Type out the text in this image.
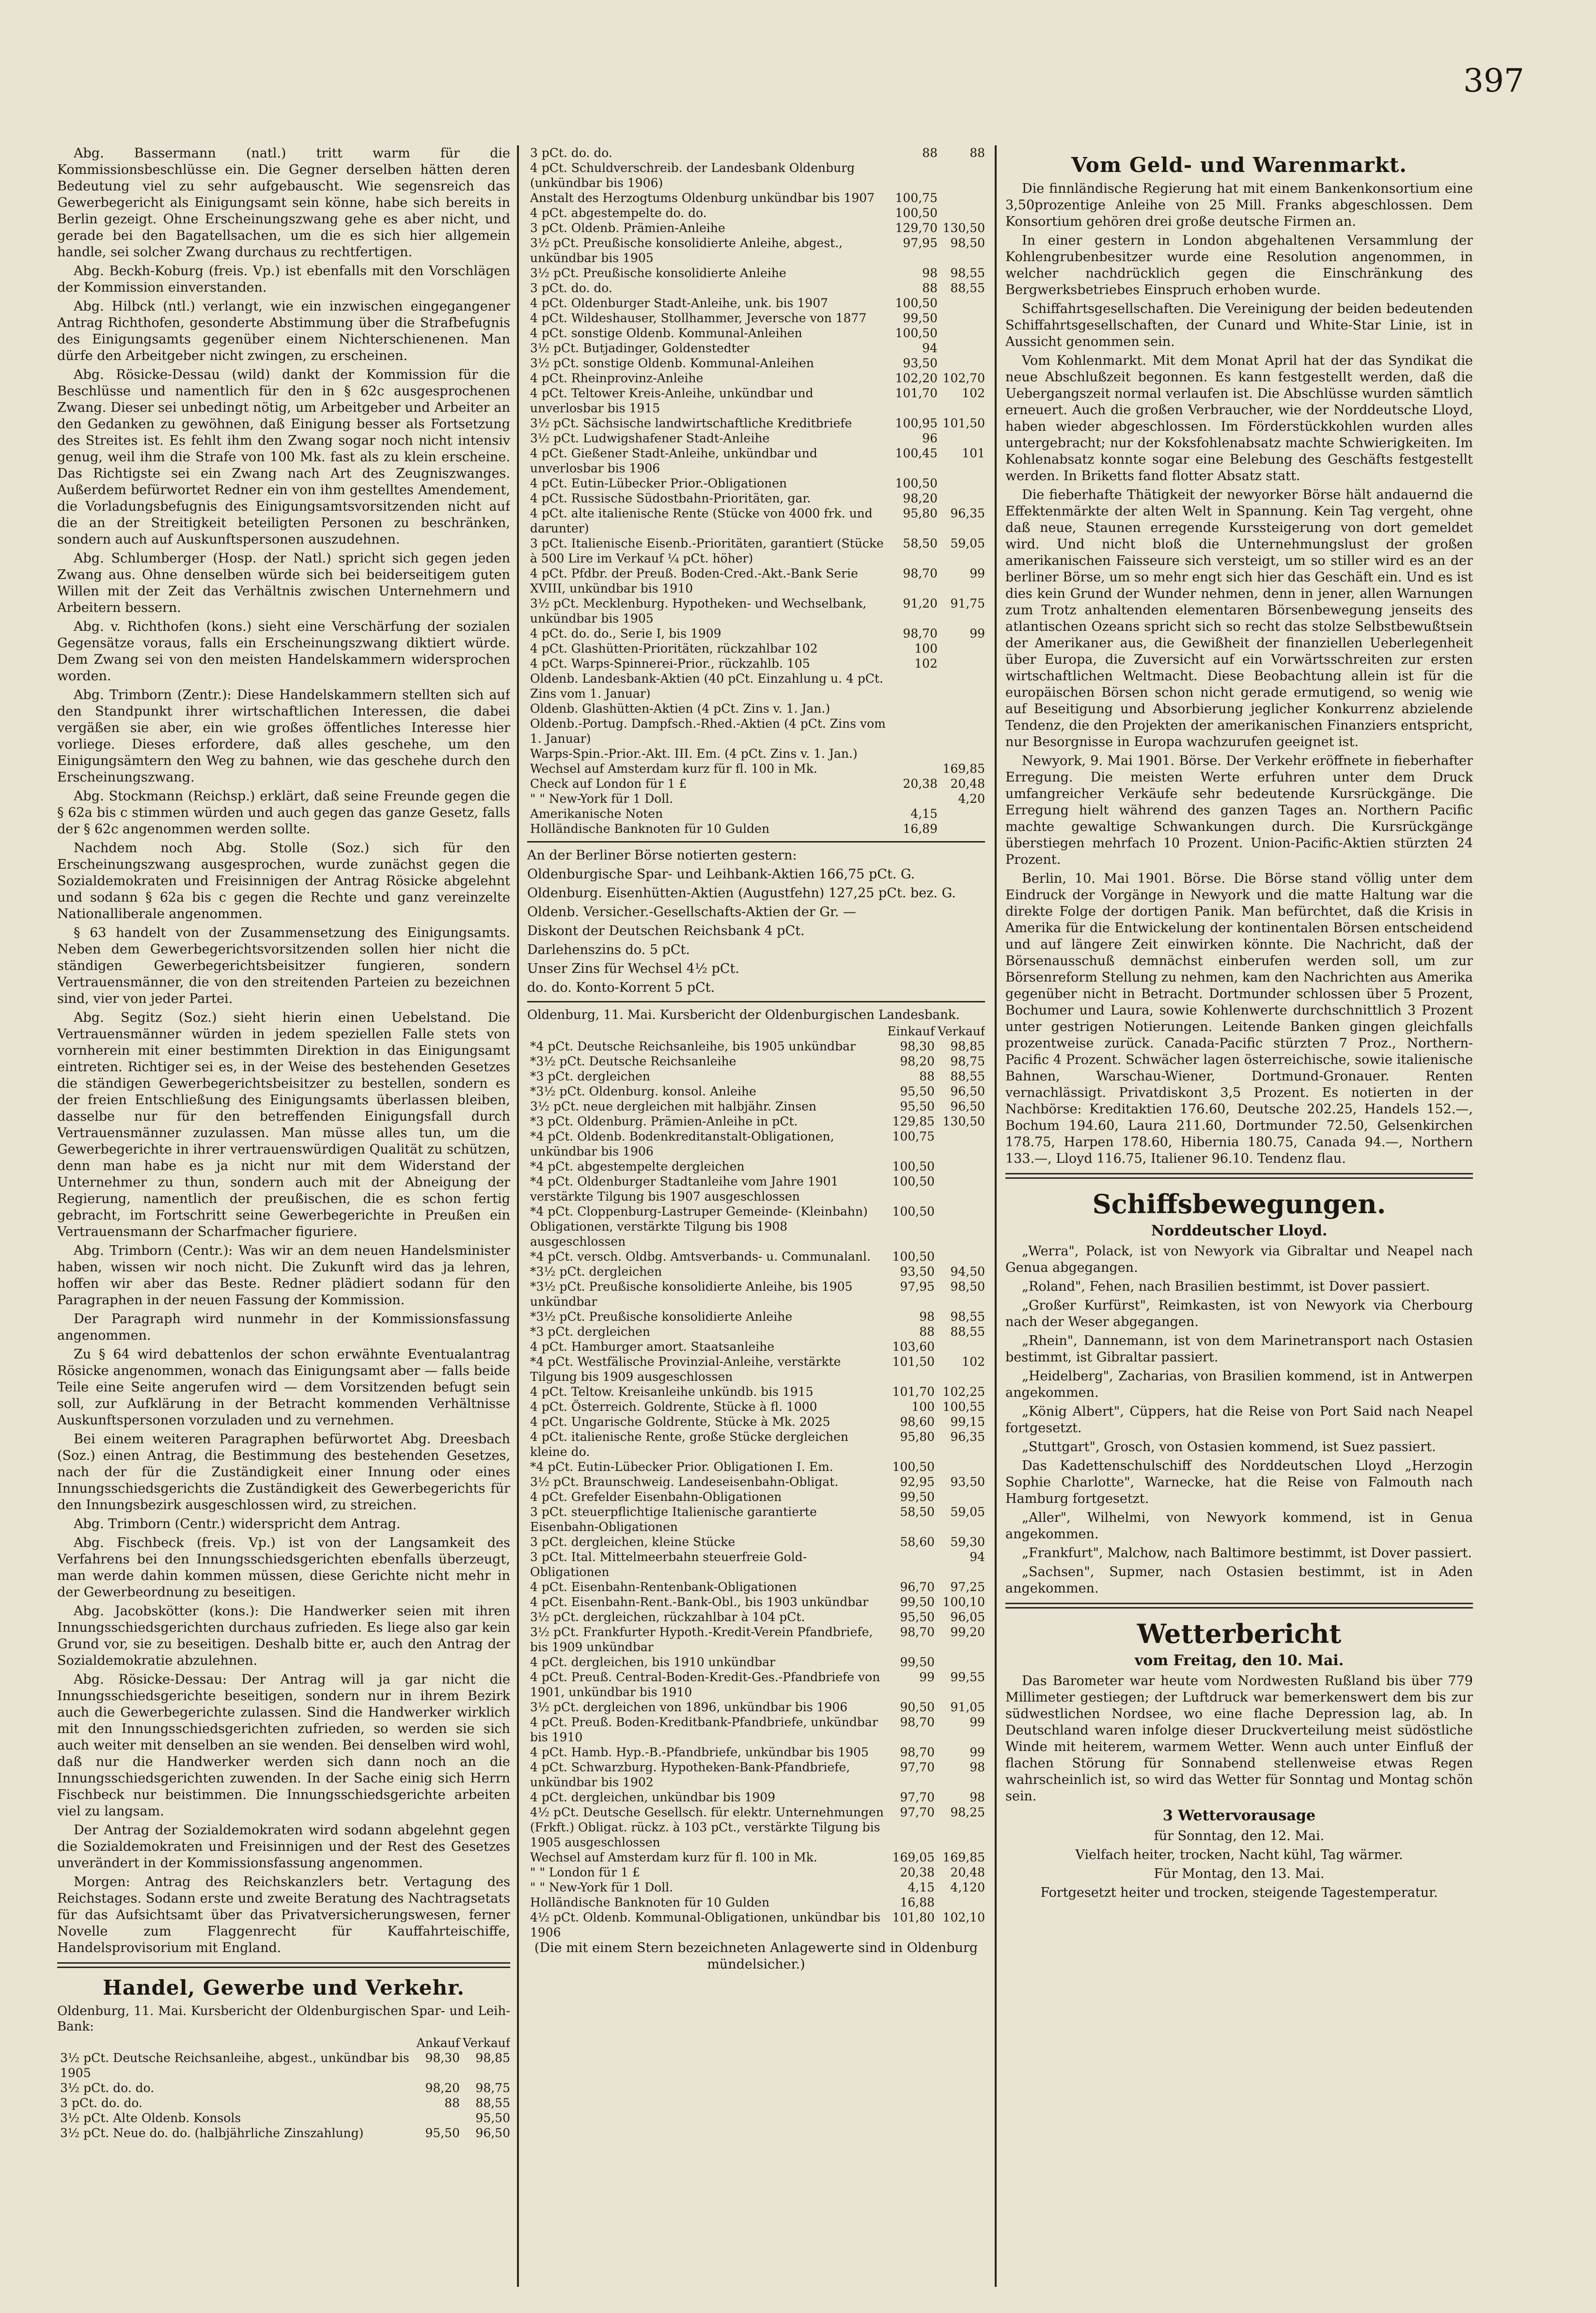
397

Abg. Bassermann (natl.) tritt warm für die Kommissionsbeschlüsse ein. Die Gegner derselben hätten deren Bedeutung viel zu sehr aufgebauscht. Wie segensreich das Gewerbegericht als Einigungsamt sein könne, habe sich bereits in Berlin gezeigt. Ohne Erscheinungszwang gehe es aber nicht, und gerade bei den Bagatellsachen, um die es sich hier allgemein handle, sei solcher Zwang durchaus zu rechtfertigen.

Abg. Beckh-Koburg (freis. Vp.) ist ebenfalls mit den Vorschlägen der Kommission einverstanden.

Abg. Hilbck (ntl.) verlangt, wie ein inzwischen eingegangener Antrag Richthofen, gesonderte Abstimmung über die Strafbefugnis des Einigungsamts gegenüber einem Nichterschienenen. Man dürfe den Arbeitgeber nicht zwingen, zu erscheinen.

Abg. Rösicke-Dessau (wild) dankt der Kommission für die Beschlüsse und namentlich für den in § 62c ausgesprochenen Zwang. Dieser sei unbedingt nötig, um Arbeitgeber und Arbeiter an den Gedanken zu gewöhnen, daß Einigung besser als Fortsetzung des Streites ist. Es fehlt ihm den Zwang sogar noch nicht intensiv genug, weil ihm die Strafe von 100 Mk. fast als zu klein erscheine. Das Richtigste sei ein Zwang nach Art des Zeugniszwanges. Außerdem befürwortet Redner ein von ihm gestelltes Amendement, die Vorladungsbefugnis des Einigungsamtsvorsitzenden nicht auf die an der Streitigkeit beteiligten Personen zu beschränken, sondern auch auf Auskunftspersonen auszudehnen.

Abg. Schlumberger (Hosp. der Natl.) spricht sich gegen jeden Zwang aus. Ohne denselben würde sich bei beiderseitigem guten Willen mit der Zeit das Verhältnis zwischen Unternehmern und Arbeitern bessern.

Abg. v. Richthofen (kons.) sieht eine Verschärfung der sozialen Gegensätze voraus, falls ein Erscheinungszwang diktiert würde. Dem Zwang sei von den meisten Handelskammern widersprochen worden.

Abg. Trimborn (Zentr.): Diese Handelskammern stellten sich auf den Standpunkt ihrer wirtschaftlichen Interessen, die dabei vergäßen sie aber, ein wie großes öffentliches Interesse hier vorliege. Dieses erfordere, daß alles geschehe, um den Einigungsämtern den Weg zu bahnen, wie das geschehe durch den Erscheinungszwang.

Abg. Stockmann (Reichsp.) erklärt, daß seine Freunde gegen die § 62a bis c stimmen würden und auch gegen das ganze Gesetz, falls der § 62c angenommen werden sollte.

Nachdem noch Abg. Stolle (Soz.) sich für den Erscheinungszwang ausgesprochen, wurde zunächst gegen die Sozialdemokraten und Freisinnigen der Antrag Rösicke abgelehnt und sodann § 62a bis c gegen die Rechte und ganz vereinzelte Nationalliberale angenommen.

§ 63 handelt von der Zusammensetzung des Einigungsamts. Neben dem Gewerbegerichtsvorsitzenden sollen hier nicht die ständigen Gewerbegerichtsbeisitzer fungieren, sondern Vertrauensmänner, die von den streitenden Parteien zu bezeichnen sind, vier von jeder Partei.

Abg. Segitz (Soz.) sieht hierin einen Uebelstand. Die Vertrauensmänner würden in jedem speziellen Falle stets von vornherein mit einer bestimmten Direktion in das Einigungsamt eintreten. Richtiger sei es, in der Weise des bestehenden Gesetzes die ständigen Gewerbegerichtsbeisitzer zu bestellen, sondern es der freien Entschließung des Einigungsamts überlassen bleiben, dasselbe nur für den betreffenden Einigungsfall durch Vertrauensmänner zuzulassen. Man müsse alles tun, um die Gewerbegerichte in ihrer vertrauenswürdigen Qualität zu schützen, denn man habe es ja nicht nur mit dem Widerstand der Unternehmer zu thun, sondern auch mit der Abneigung der Regierung, namentlich der preußischen, die es schon fertig gebracht, im Fortschritt seine Gewerbegerichte in Preußen ein Vertrauensmann der Scharfmacher figuriere.

Abg. Trimborn (Centr.): Was wir an dem neuen Handelsminister haben, wissen wir noch nicht. Die Zukunft wird das ja lehren, hoffen wir aber das Beste. Redner plädiert sodann für den Paragraphen in der neuen Fassung der Kommission.

Der Paragraph wird nunmehr in der Kommissionsfassung angenommen.

Zu § 64 wird debattenlos der schon erwähnte Eventualantrag Rösicke angenommen, wonach das Einigungsamt aber — falls beide Teile eine Seite angerufen wird — dem Vorsitzenden befugt sein soll, zur Aufklärung in der Betracht kommenden Verhältnisse Auskunftspersonen vorzuladen und zu vernehmen.

Bei einem weiteren Paragraphen befürwortet Abg. Dreesbach (Soz.) einen Antrag, die Bestimmung des bestehenden Gesetzes, nach der für die Zuständigkeit einer Innung oder eines Innungsschiedsgerichts die Zuständigkeit des Gewerbegerichts für den Innungsbezirk ausgeschlossen wird, zu streichen.

Abg. Trimborn (Centr.) widerspricht dem Antrag.

Abg. Fischbeck (freis. Vp.) ist von der Langsamkeit des Verfahrens bei den Innungsschiedsgerichten ebenfalls überzeugt, man werde dahin kommen müssen, diese Gerichte nicht mehr in der Gewerbeordnung zu beseitigen.

Abg. Jacobskötter (kons.): Die Handwerker seien mit ihren Innungsschiedsgerichten durchaus zufrieden. Es liege also gar kein Grund vor, sie zu beseitigen. Deshalb bitte er, auch den Antrag der Sozialdemokratie abzulehnen.

Abg. Rösicke-Dessau: Der Antrag will ja gar nicht die Innungsschiedsgerichte beseitigen, sondern nur in ihrem Bezirk auch die Gewerbegerichte zulassen. Sind die Handwerker wirklich mit den Innungsschiedsgerichten zufrieden, so werden sie sich auch weiter mit denselben an sie wenden. Bei denselben wird wohl, daß nur die Handwerker werden sich dann noch an die Innungsschiedsgerichten zuwenden. In der Sache einig sich Herrn Fischbeck nur beistimmen. Die Innungsschiedsgerichte arbeiten viel zu langsam.

Der Antrag der Sozialdemokraten wird sodann abgelehnt gegen die Sozialdemokraten und Freisinnigen und der Rest des Gesetzes unverändert in der Kommissionsfassung angenommen.

Morgen: Antrag des Reichskanzlers betr. Vertagung des Reichstages. Sodann erste und zweite Beratung des Nachtragsetats für das Aufsichtsamt über das Privatversicherungswesen, ferner Novelle zum Flaggenrecht für Kauffahrteischiffe, Handelsprovisorium mit England.

Handel, Gewerbe und Verkehr.
Oldenburg, 11. Mai. Kursbericht der Oldenburgischen Spar- und Leih-Bank:
	Ankauf	Verkauf
3½ pCt. Deutsche Reichsanleihe, abgest., unkündbar bis 1905	98,30	98,85
3½ pCt. do. do.	98,20	98,75
3 pCt. do. do.	88	88,55
3½ pCt. Alte Oldenb. Konsols		95,50
3½ pCt. Neue do. do. (halbjährliche Zinszahlung)	95,50	96,50
3 pCt. do. do.	88	88
4 pCt. Schuldverschreib. der Landesbank Oldenburg (unkündbar bis 1906)		
Anstalt des Herzogtums Oldenburg unkündbar bis 1907	100,75	
4 pCt. abgestempelte do. do.	100,50	
3 pCt. Oldenb. Prämien-Anleihe	129,70	130,50
3½ pCt. Preußische konsolidierte Anleihe, abgest., unkündbar bis 1905	97,95	98,50
3½ pCt. Preußische konsolidierte Anleihe	98	98,55
3 pCt. do. do.	88	88,55
4 pCt. Oldenburger Stadt-Anleihe, unk. bis 1907	100,50	
4 pCt. Wildeshauser, Stollhammer, Jeversche von 1877	99,50	
4 pCt. sonstige Oldenb. Kommunal-Anleihen	100,50	
3½ pCt. Butjadinger, Goldenstedter	94	
3½ pCt. sonstige Oldenb. Kommunal-Anleihen	93,50	
4 pCt. Rheinprovinz-Anleihe	102,20	102,70
4 pCt. Teltower Kreis-Anleihe, unkündbar und unverlosbar bis 1915	101,70	102
3½ pCt. Sächsische landwirtschaftliche Kreditbriefe	100,95	101,50
3½ pCt. Ludwigshafener Stadt-Anleihe	96	
4 pCt. Gießener Stadt-Anleihe, unkündbar und unverlosbar bis 1906	100,45	101
4 pCt. Eutin-Lübecker Prior.-Obligationen	100,50	
4 pCt. Russische Südostbahn-Prioritäten, gar.	98,20	
4 pCt. alte italienische Rente (Stücke von 4000 frk. und darunter)	95,80	96,35
3 pCt. Italienische Eisenb.-Prioritäten, garantiert (Stücke à 500 Lire im Verkauf ¼ pCt. höher)	58,50	59,05
4 pCt. Pfdbr. der Preuß. Boden-Cred.-Akt.-Bank Serie XVIII, unkündbar bis 1910	98,70	99
3½ pCt. Mecklenburg. Hypotheken- und Wechselbank, unkündbar bis 1905	91,20	91,75
4 pCt. do. do., Serie I, bis 1909	98,70	99
4 pCt. Glashütten-Prioritäten, rückzahlbar 102	100	
4 pCt. Warps-Spinnerei-Prior., rückzahlb. 105	102	
Oldenb. Landesbank-Aktien (40 pCt. Einzahlung u. 4 pCt. Zins vom 1. Januar)		
Oldenb. Glashütten-Aktien (4 pCt. Zins v. 1. Jan.)		
Oldenb.-Portug. Dampfsch.-Rhed.-Aktien (4 pCt. Zins vom 1. Januar)		
Warps-Spin.-Prior.-Akt. III. Em. (4 pCt. Zins v. 1. Jan.)		
Wechsel auf Amsterdam kurz für fl. 100 in Mk.		169,85
Check auf London für 1 £	20,38	20,48
" " New-York für 1 Doll.		4,20
Amerikanische Noten	4,15	
Holländische Banknoten für 10 Gulden	16,89	

An der Berliner Börse notierten gestern:

Oldenburgische Spar- und Leihbank-Aktien 166,75 pCt. G.

Oldenburg. Eisenhütten-Aktien (Augustfehn) 127,25 pCt. bez. G.

Oldenb. Versicher.-Gesellschafts-Aktien der Gr. —

Diskont der Deutschen Reichsbank 4 pCt.

Darlehenszins do. 5 pCt.

Unser Zins für Wechsel 4½ pCt.

do. do. Konto-Korrent 5 pCt.

Oldenburg, 11. Mai. Kursbericht der Oldenburgischen Landesbank.
	Einkauf	Verkauf
*4 pCt. Deutsche Reichsanleihe, bis 1905 unkündbar	98,30	98,85
*3½ pCt. Deutsche Reichsanleihe	98,20	98,75
*3 pCt. dergleichen	88	88,55
*3½ pCt. Oldenburg. konsol. Anleihe	95,50	96,50
3½ pCt. neue dergleichen mit halbjähr. Zinsen	95,50	96,50
*3 pCt. Oldenburg. Prämien-Anleihe in pCt.	129,85	130,50
*4 pCt. Oldenb. Bodenkreditanstalt-Obligationen, unkündbar bis 1906	100,75	
*4 pCt. abgestempelte dergleichen	100,50	
*4 pCt. Oldenburger Stadtanleihe vom Jahre 1901 verstärkte Tilgung bis 1907 ausgeschlossen	100,50	
*4 pCt. Cloppenburg-Lastruper Gemeinde- (Kleinbahn) Obligationen, verstärkte Tilgung bis 1908 ausgeschlossen	100,50	
*4 pCt. versch. Oldbg. Amtsverbands- u. Communalanl.	100,50	
*3½ pCt. dergleichen	93,50	94,50
*3½ pCt. Preußische konsolidierte Anleihe, bis 1905 unkündbar	97,95	98,50
*3½ pCt. Preußische konsolidierte Anleihe	98	98,55
*3 pCt. dergleichen	88	88,55
4 pCt. Hamburger amort. Staatsanleihe	103,60	
*4 pCt. Westfälische Provinzial-Anleihe, verstärkte Tilgung bis 1909 ausgeschlossen	101,50	102
4 pCt. Teltow. Kreisanleihe unkündb. bis 1915	101,70	102,25
4 pCt. Österreich. Goldrente, Stücke à fl. 1000	100	100,55
4 pCt. Ungarische Goldrente, Stücke à Mk. 2025	98,60	99,15
4 pCt. italienische Rente, große Stücke dergleichen kleine do.	95,80	96,35
*4 pCt. Eutin-Lübecker Prior. Obligationen I. Em.	100,50	
3½ pCt. Braunschweig. Landeseisenbahn-Obligat.	92,95	93,50
4 pCt. Grefelder Eisenbahn-Obligationen	99,50	
3 pCt. steuerpflichtige Italienische garantierte Eisenbahn-Obligationen	58,50	59,05
3 pCt. dergleichen, kleine Stücke	58,60	59,30
3 pCt. Ital. Mittelmeerbahn steuerfreie Gold-Obligationen		94
4 pCt. Eisenbahn-Rentenbank-Obligationen	96,70	97,25
4 pCt. Eisenbahn-Rent.-Bank-Obl., bis 1903 unkündbar	99,50	100,10
3½ pCt. dergleichen, rückzahlbar à 104 pCt.	95,50	96,05
3½ pCt. Frankfurter Hypoth.-Kredit-Verein Pfandbriefe, bis 1909 unkündbar	98,70	99,20
4 pCt. dergleichen, bis 1910 unkündbar	99,50	
4 pCt. Preuß. Central-Boden-Kredit-Ges.-Pfandbriefe von 1901, unkündbar bis 1910	99	99,55
3½ pCt. dergleichen von 1896, unkündbar bis 1906	90,50	91,05
4 pCt. Preuß. Boden-Kreditbank-Pfandbriefe, unkündbar bis 1910	98,70	99
4 pCt. Hamb. Hyp.-B.-Pfandbriefe, unkündbar bis 1905	98,70	99
4 pCt. Schwarzburg. Hypotheken-Bank-Pfandbriefe, unkündbar bis 1902	97,70	98
4 pCt. dergleichen, unkündbar bis 1909	97,70	98
4½ pCt. Deutsche Gesellsch. für elektr. Unternehmungen (Frkft.) Obligat. rückz. à 103 pCt., verstärkte Tilgung bis 1905 ausgeschlossen	97,70	98,25
Wechsel auf Amsterdam kurz für fl. 100 in Mk.	169,05	169,85
" " London für 1 £	20,38	20,48
" " New-York für 1 Doll.	4,15	4,120
Holländische Banknoten für 10 Gulden	16,88	
4½ pCt. Oldenb. Kommunal-Obligationen, unkündbar bis 1906	101,80	102,10

(Die mit einem Stern bezeichneten Anlagewerte sind in Oldenburg mündelsicher.)

Vom Geld- und Warenmarkt.

Die finnländische Regierung hat mit einem Bankenkonsortium eine 3,50prozentige Anleihe von 25 Mill. Franks abgeschlossen. Dem Konsortium gehören drei große deutsche Firmen an.

In einer gestern in London abgehaltenen Versammlung der Kohlengrubenbesitzer wurde eine Resolution angenommen, in welcher nachdrücklich gegen die Einschränkung des Bergwerksbetriebes Einspruch erhoben wurde.

Schiffahrtsgesellschaften. Die Vereinigung der beiden bedeutenden Schiffahrtsgesellschaften, der Cunard und White-Star Linie, ist in Aussicht genommen sein.

Vom Kohlenmarkt. Mit dem Monat April hat der das Syndikat die neue Abschlußzeit begonnen. Es kann festgestellt werden, daß die Uebergangszeit normal verlaufen ist. Die Abschlüsse wurden sämtlich erneuert. Auch die großen Verbraucher, wie der Norddeutsche Lloyd, haben wieder abgeschlossen. Im Förderstückkohlen wurden alles untergebracht; nur der Koksfohlenabsatz machte Schwierigkeiten. Im Kohlenabsatz konnte sogar eine Belebung des Geschäfts festgestellt werden. In Briketts fand flotter Absatz statt.

Die fieberhafte Thätigkeit der newyorker Börse hält andauernd die Effektenmärkte der alten Welt in Spannung. Kein Tag vergeht, ohne daß neue, Staunen erregende Kurssteigerung von dort gemeldet wird. Und nicht bloß die Unternehmungslust der großen amerikanischen Faisseure sich versteigt, um so stiller wird es an der berliner Börse, um so mehr engt sich hier das Geschäft ein. Und es ist dies kein Grund der Wunder nehmen, denn in jener, allen Warnungen zum Trotz anhaltenden elementaren Börsenbewegung jenseits des atlantischen Ozeans spricht sich so recht das stolze Selbstbewußtsein der Amerikaner aus, die Gewißheit der finanziellen Ueberlegenheit über Europa, die Zuversicht auf ein Vorwärtsschreiten zur ersten wirtschaftlichen Weltmacht. Diese Beobachtung allein ist für die europäischen Börsen schon nicht gerade ermutigend, so wenig wie auf Beseitigung und Absorbierung jeglicher Konkurrenz abzielende Tendenz, die den Projekten der amerikanischen Finanziers entspricht, nur Besorgnisse in Europa wachzurufen geeignet ist.

Newyork, 9. Mai 1901. Börse. Der Verkehr eröffnete in fieberhafter Erregung. Die meisten Werte erfuhren unter dem Druck umfangreicher Verkäufe sehr bedeutende Kursrückgänge. Die Erregung hielt während des ganzen Tages an. Northern Pacific machte gewaltige Schwankungen durch. Die Kursrückgänge überstiegen mehrfach 10 Prozent. Union-Pacific-Aktien stürzten 24 Prozent.

Berlin, 10. Mai 1901. Börse. Die Börse stand völlig unter dem Eindruck der Vorgänge in Newyork und die matte Haltung war die direkte Folge der dortigen Panik. Man befürchtet, daß die Krisis in Amerika für die Entwickelung der kontinentalen Börsen entscheidend und auf längere Zeit einwirken könnte. Die Nachricht, daß der Börsenausschuß demnächst einberufen werden soll, um zur Börsenreform Stellung zu nehmen, kam den Nachrichten aus Amerika gegenüber nicht in Betracht. Dortmunder schlossen über 5 Prozent, Bochumer und Laura, sowie Kohlenwerte durchschnittlich 3 Prozent unter gestrigen Notierungen. Leitende Banken gingen gleichfalls prozentweise zurück. Canada-Pacific stürzten 7 Proz., Northern-Pacific 4 Prozent. Schwächer lagen österreichische, sowie italienische Bahnen, Warschau-Wiener, Dortmund-Gronauer. Renten vernachlässigt. Privatdiskont 3,5 Prozent. Es notierten in der Nachbörse: Kreditaktien 176.60, Deutsche 202.25, Handels 152.—, Bochum 194.60, Laura 211.60, Dortmunder 72.50, Gelsenkirchen 178.75, Harpen 178.60, Hibernia 180.75, Canada 94.—, Northern 133.—, Lloyd 116.75, Italiener 96.10. Tendenz flau.

Schiffsbewegungen.
Norddeutscher Lloyd.

„Werra", Polack, ist von Newyork via Gibraltar und Neapel nach Genua abgegangen.

„Roland", Fehen, nach Brasilien bestimmt, ist Dover passiert.

„Großer Kurfürst", Reimkasten, ist von Newyork via Cherbourg nach der Weser abgegangen.

„Rhein", Dannemann, ist von dem Marinetransport nach Ostasien bestimmt, ist Gibraltar passiert.

„Heidelberg", Zacharias, von Brasilien kommend, ist in Antwerpen angekommen.

„König Albert", Cüppers, hat die Reise von Port Said nach Neapel fortgesetzt.

„Stuttgart", Grosch, von Ostasien kommend, ist Suez passiert.

Das Kadettenschulschiff des Norddeutschen Lloyd „Herzogin Sophie Charlotte", Warnecke, hat die Reise von Falmouth nach Hamburg fortgesetzt.

„Aller", Wilhelmi, von Newyork kommend, ist in Genua angekommen.

„Frankfurt", Malchow, nach Baltimore bestimmt, ist Dover passiert.

„Sachsen", Supmer, nach Ostasien bestimmt, ist in Aden angekommen.

Wetterbericht
vom Freitag, den 10. Mai.

Das Barometer war heute vom Nordwesten Rußland bis über 779 Millimeter gestiegen; der Luftdruck war bemerkenswert dem bis zur südwestlichen Nordsee, wo eine flache Depression lag, ab. In Deutschland waren infolge dieser Druckverteilung meist südöstliche Winde mit heiterem, warmem Wetter. Wenn auch unter Einfluß der flachen Störung für Sonnabend stellenweise etwas Regen wahrscheinlich ist, so wird das Wetter für Sonntag und Montag schön sein.

3 Wettervorausage

für Sonntag, den 12. Mai.

Vielfach heiter, trocken, Nacht kühl, Tag wärmer.

Für Montag, den 13. Mai.

Fortgesetzt heiter und trocken, steigende Tagestemperatur.
